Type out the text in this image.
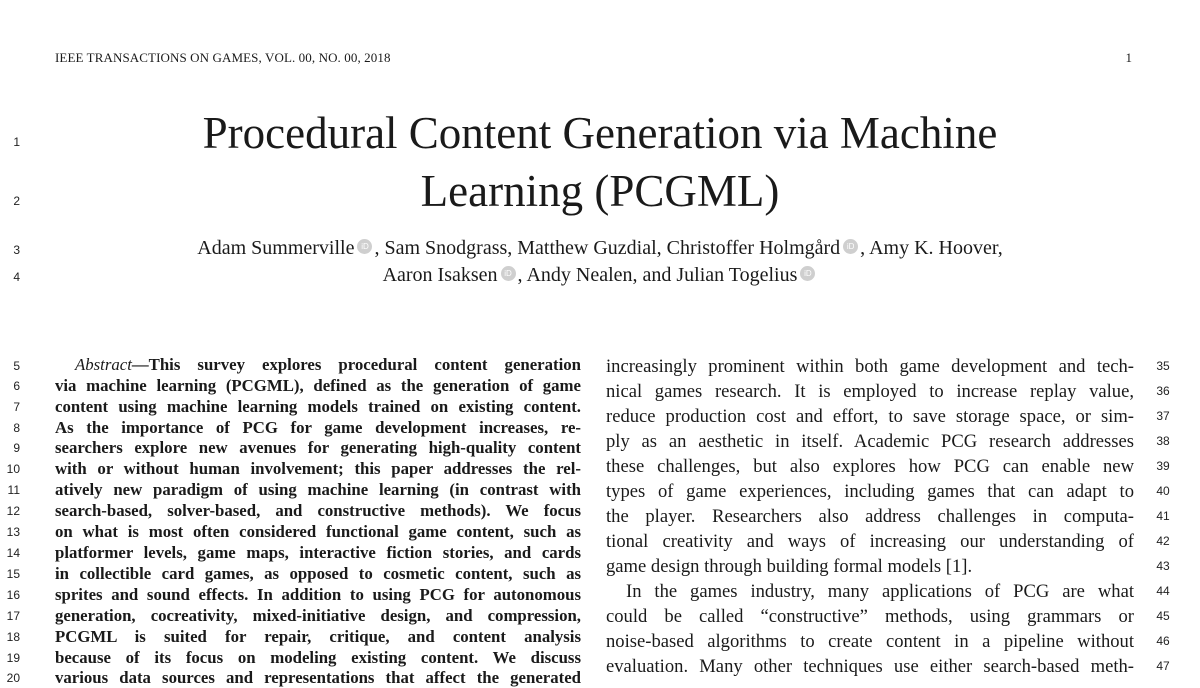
IEEE TRANSACTIONS ON GAMES, VOL. 00, NO. 00, 2018	1
1
2
3
4
5
6
7
8
9
10
11
12
13
14
15
16
17
18
19
20
Procedural Content Generation via Machine
Learning (PCGML)
Adam Summerville iD , Sam Snodgrass, Matthew Guzdial, Christoffer Holmgård iD , Amy K. Hoover,
Aaron Isaksen iD , Andy Nealen, and Julian Togelius iD
Abstract—This survey explores procedural content generation
via machine learning (PCGML), defined as the generation of game
content using machine learning models trained on existing content.
As the importance of PCG for game development increases, re-
searchers explore new avenues for generating high-quality content
with or without human involvement; this paper addresses the rel-
atively new paradigm of using machine learning (in contrast with
search-based, solver-based, and constructive methods). We focus
on what is most often considered functional game content, such as
platformer levels, game maps, interactive fiction stories, and cards
in collectible card games, as opposed to cosmetic content, such as
sprites and sound effects. In addition to using PCG for autonomous
generation, cocreativity, mixed-initiative design, and compression,
PCGML is suited for repair, critique, and content analysis
because of its focus on modeling existing content. We discuss
various data sources and representations that affect the generated
increasingly prominent within both game development and tech-
nical games research. It is employed to increase replay value,
reduce production cost and effort, to save storage space, or sim-
ply as an aesthetic in itself. Academic PCG research addresses
these challenges, but also explores how PCG can enable new
types of game experiences, including games that can adapt to
the player. Researchers also address challenges in computa-
tional creativity and ways of increasing our understanding of
game design through building formal models [1].
In the games industry, many applications of PCG are what
could be called “constructive” methods, using grammars or
noise-based algorithms to create content in a pipeline without
evaluation. Many other techniques use either search-based meth-
35
36
37
38
39
40
41
42
43
44
45
46
47
